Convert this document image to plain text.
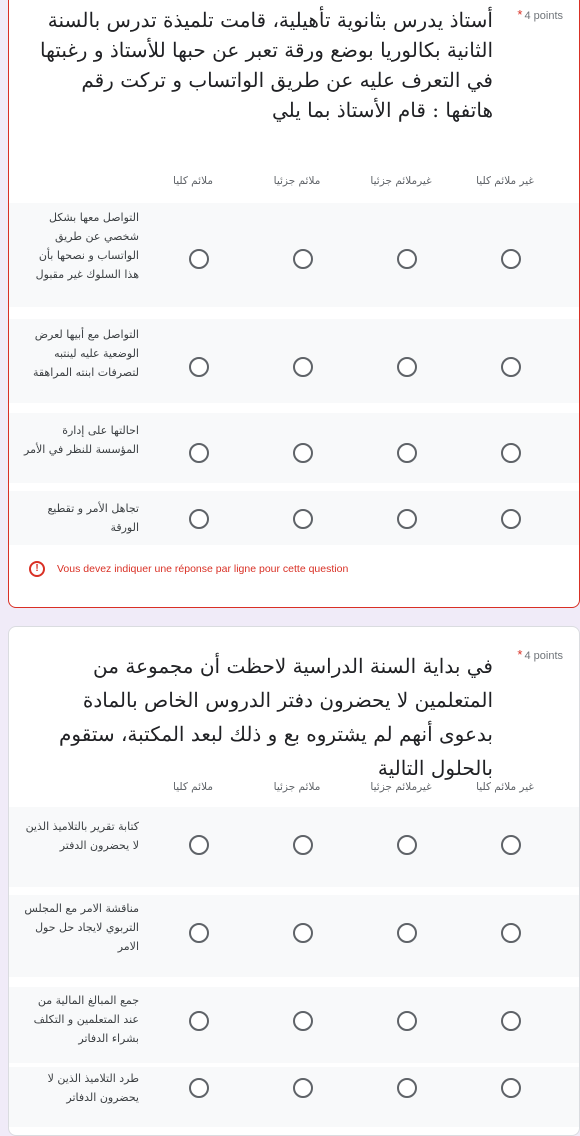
* 4 points
أستاذ يدرس بثانوية تأهيلية، قامت تلميذة تدرس بالسنة الثانية بكالوريا بوضع ورقة تعبر عن حبها للأستاذ و رغبتها في التعرف عليه عن طريق الواتساب و تركت رقم هاتفها : قام الأستاذ بما يلي
غير ملائم كليا
غيرملائم جزئيا
ملائم جزئيا
ملائم كليا
التواصل معها بشكل شخصي عن طريق الواتساب و نصحها بأن هذا السلوك غير مقبول
التواصل مع أبيها لعرض الوضعية عليه لينتبه لتصرفات ابنته المراهقة
احالتها على إدارة المؤسسة للنظر في الأمر
تجاهل الأمر و تقطيع الورقة
!	Vous devez indiquer une réponse par ligne pour cette question
* 4 points
في بداية السنة الدراسية لاحظت أن مجموعة من المتعلمين لا يحضرون دفتر الدروس الخاص بالمادة بدعوى أنهم لم يشتروه بع و ذلك لبعد المكتبة، ستقوم بالحلول التالية
غير ملائم كليا
غيرملائم جزئيا
ملائم جزئيا
ملائم كليا
كتابة تقرير بالتلاميذ الذين لا يحضرون الدفتر
مناقشة الامر مع المجلس التربوي لايجاد حل حول الامر
جمع المبالغ المالية من عند المتعلمين و التكلف بشراء الدفاتر
طرد التلاميذ الذين لا يحضرون الدفاتر
